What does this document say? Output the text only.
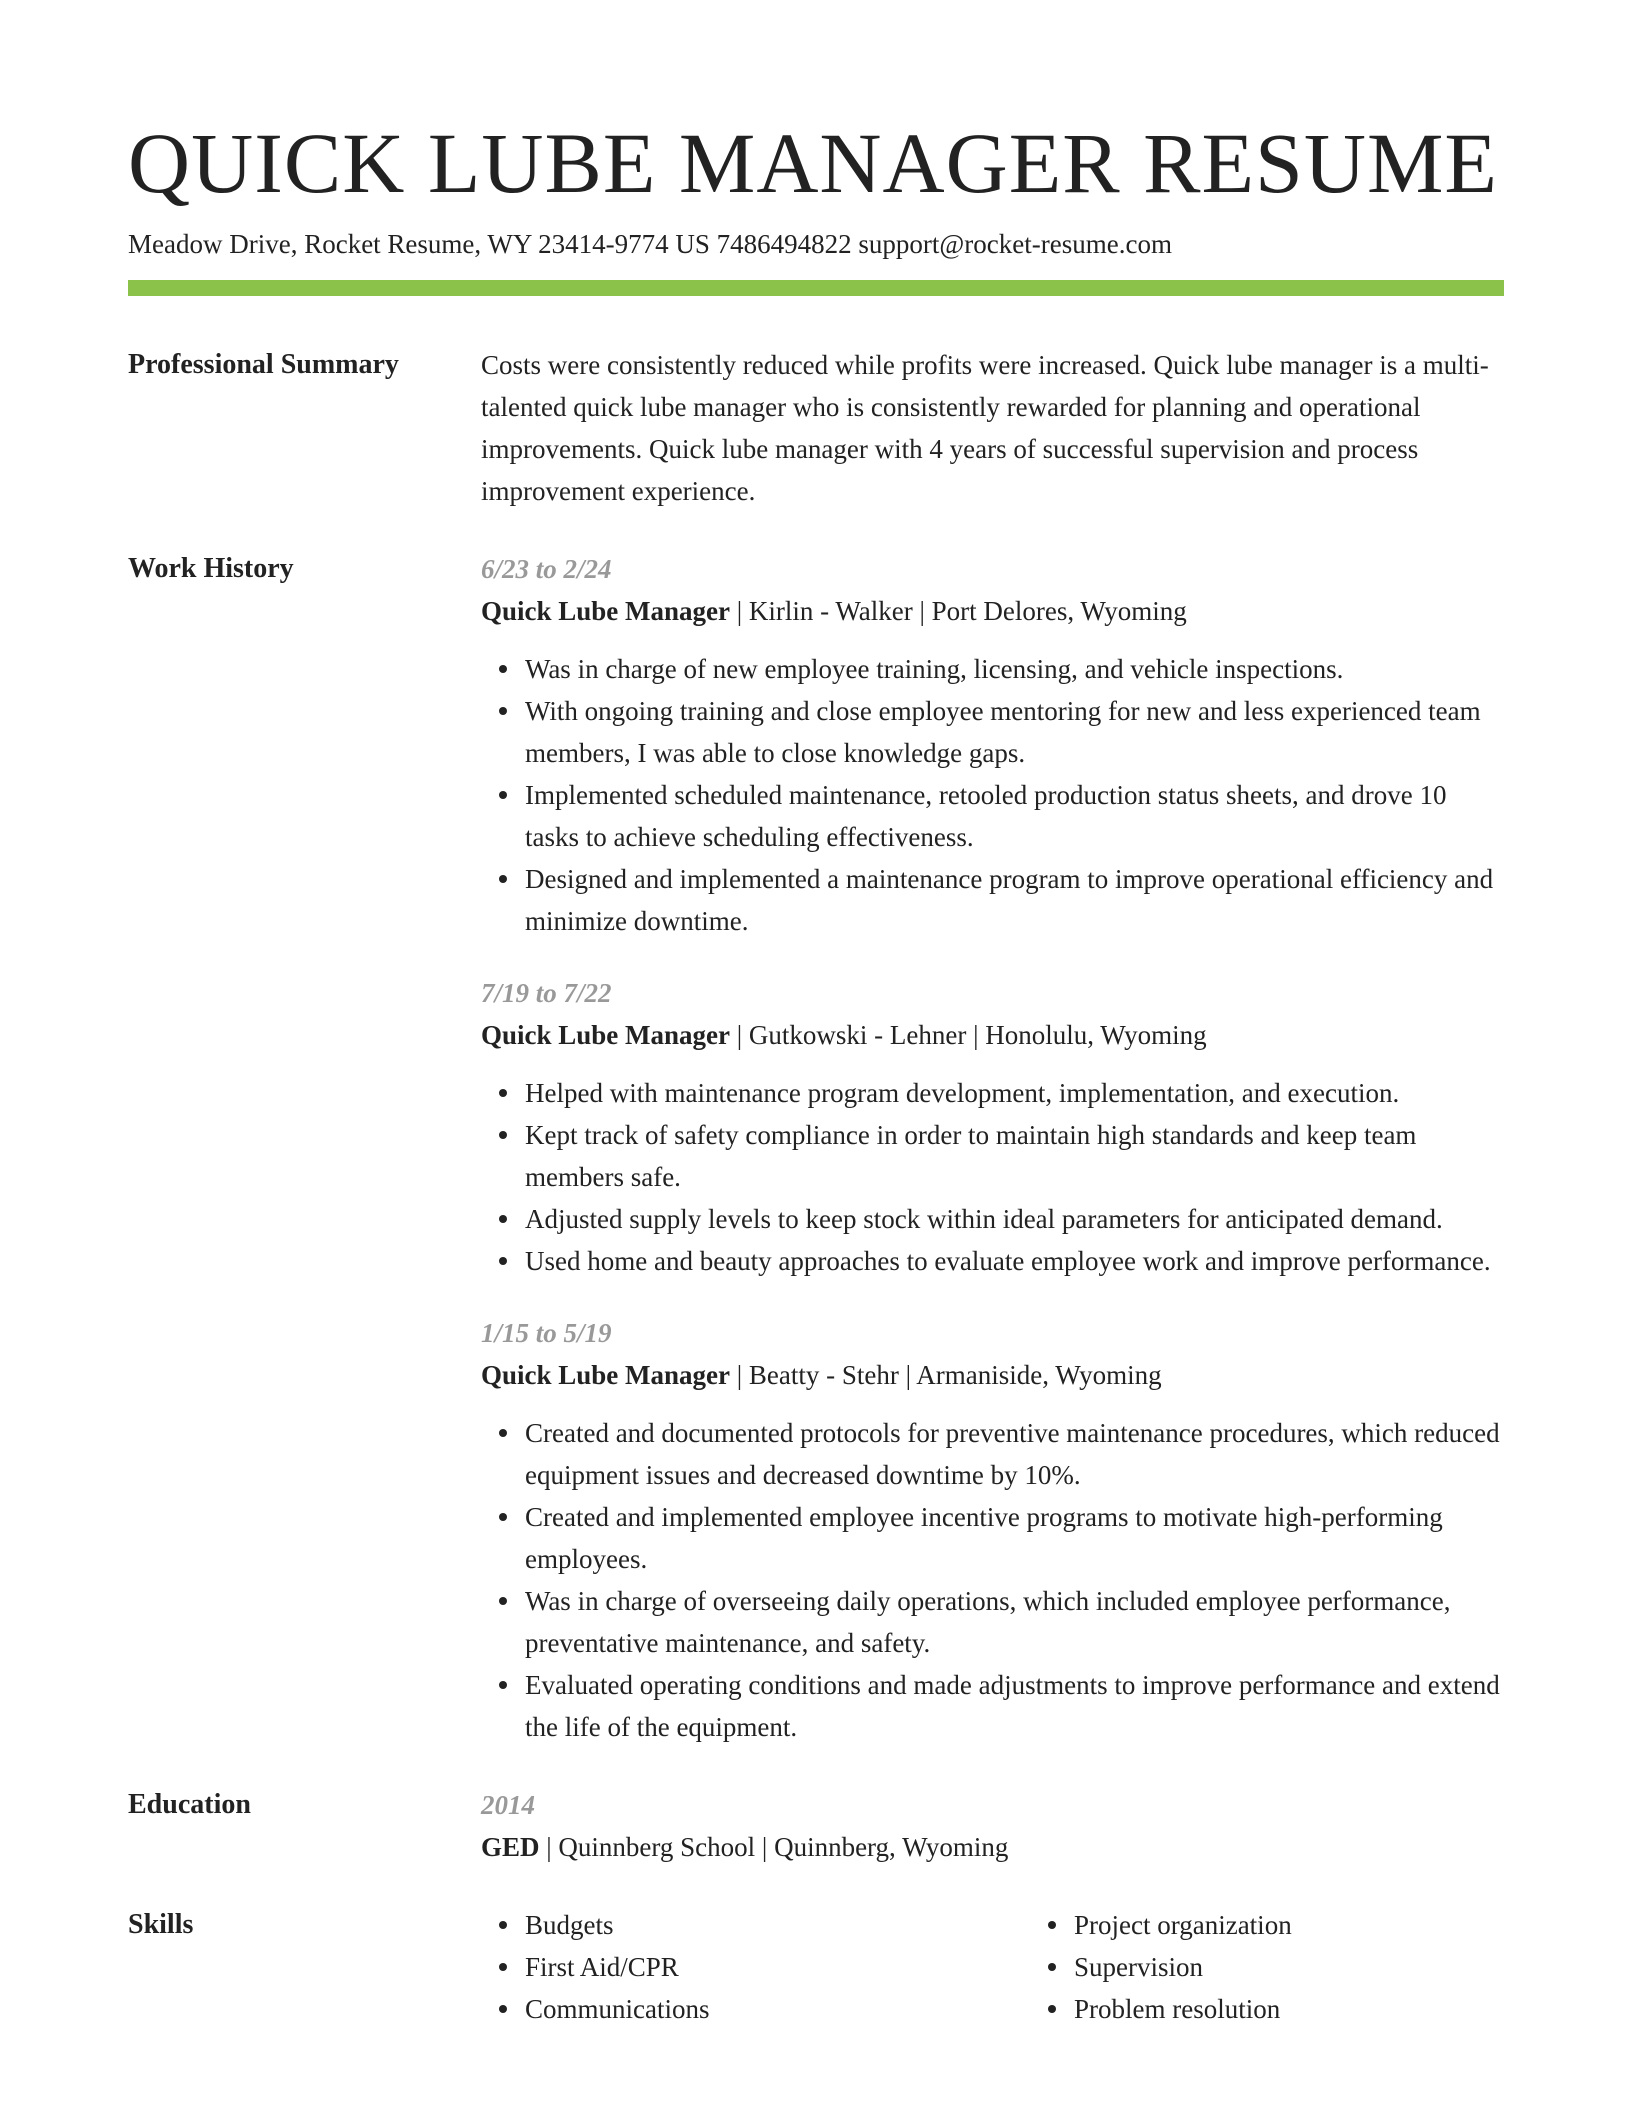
QUICK LUBE MANAGER RESUME
Meadow Drive, Rocket Resume, WY 23414-9774 US 7486494822 support@rocket-resume.com
Professional Summary	Costs were consistently reduced while profits were increased. Quick lube manager is a multi-talented quick lube manager who is consistently rewarded for planning and operational improvements. Quick lube manager with 4 years of successful supervision and process improvement experience.

Work History	6/23 to 2/24
Quick Lube Manager | Kirlin - Walker | Port Delores, Wyoming
Was in charge of new employee training, licensing, and vehicle inspections.
With ongoing training and close employee mentoring for new and less experienced team members, I was able to close knowledge gaps.
Implemented scheduled maintenance, retooled production status sheets, and drove 10 tasks to achieve scheduling effectiveness.
Designed and implemented a maintenance program to improve operational efficiency and minimize downtime.
7/19 to 7/22
Quick Lube Manager | Gutkowski - Lehner | Honolulu, Wyoming
Helped with maintenance program development, implementation, and execution.
Kept track of safety compliance in order to maintain high standards and keep team members safe.
Adjusted supply levels to keep stock within ideal parameters for anticipated demand.
Used home and beauty approaches to evaluate employee work and improve performance.
1/15 to 5/19
Quick Lube Manager | Beatty - Stehr | Armaniside, Wyoming
Created and documented protocols for preventive maintenance procedures, which reduced equipment issues and decreased downtime by 10%.
Created and implemented employee incentive programs to motivate high-performing employees.
Was in charge of overseeing daily operations, which included employee performance, preventative maintenance, and safety.
Evaluated operating conditions and made adjustments to improve performance and extend the life of the equipment.
Education	2014
GED | Quinnberg School | Quinnberg, Wyoming
Skills	Budgets
First Aid/CPR
Communications
Project organization
Supervision
Problem resolution
